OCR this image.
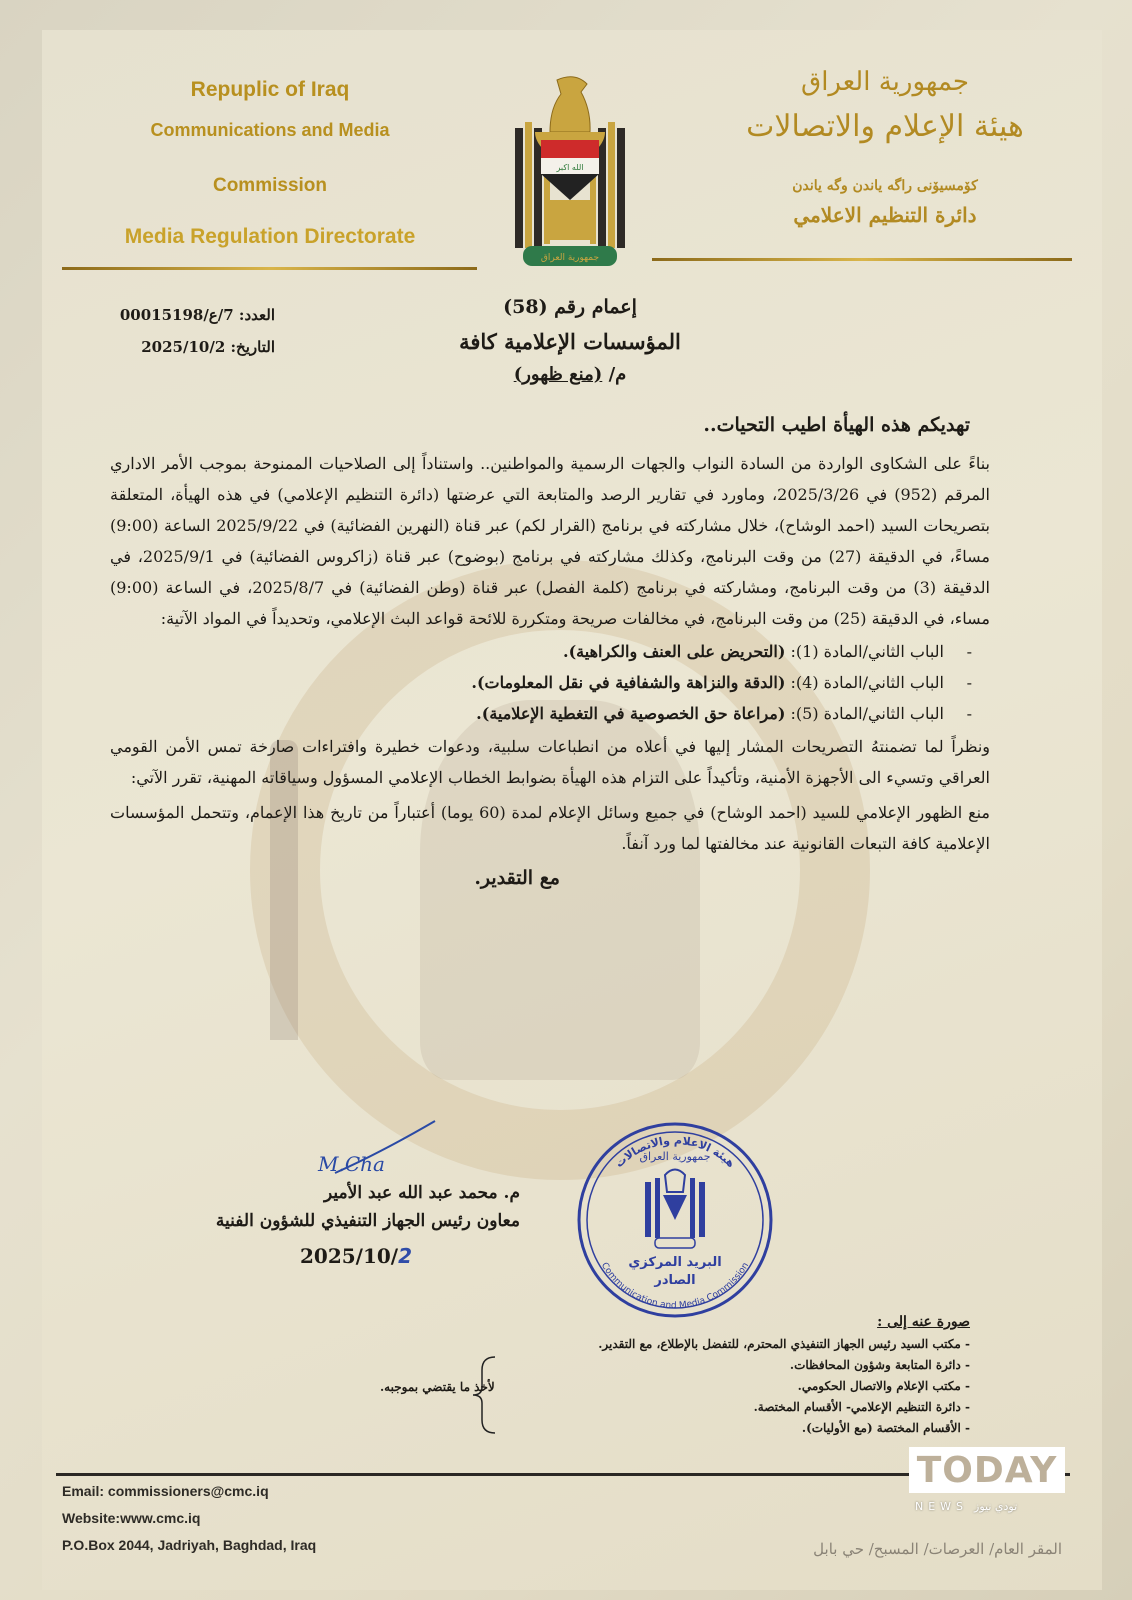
Repuplic of Iraq
Communications and Media
Commission
Media Regulation Directorate
جمهورية العراق
هيئة الإعلام والاتصالات
كۆمسیۆنی راگه یاندن وگه یاندن
دائرة التنظيم الاعلامي
الله اكبر
جمهورية العراق
العدد: 7/ع/00015198
التاريخ: 2025/10/2
إعمام رقم (58)
المؤسسات الإعلامية كافة
م/ (منع ظهور)
تهديكم هذه الهيأة اطيب التحيات..

بناءً على الشكاوى الواردة من السادة النواب والجهات الرسمية والمواطنين.. واستناداً إلى الصلاحيات الممنوحة بموجب الأمر الاداري المرقم (952) في 2025/3/26، وماورد في تقارير الرصد والمتابعة التي عرضتها (دائرة التنظيم الإعلامي) في هذه الهيأة، المتعلقة بتصريحات السيد (احمد الوشاح)، خلال مشاركته في برنامج (القرار لكم) عبر قناة (النهرين الفضائية) في 2025/9/22 الساعة (9:00) مساءً، في الدقيقة (27) من وقت البرنامج، وكذلك مشاركته في برنامج (بوضوح) عبر قناة (زاكروس الفضائية) في 2025/9/1، في الدقيقة (3) من وقت البرنامج، ومشاركته في برنامج (كلمة الفصل) عبر قناة (وطن الفضائية) في 2025/8/7، في الساعة (9:00) مساء، في الدقيقة (25) من وقت البرنامج، في مخالفات صريحة ومتكررة للائحة قواعد البث الإعلامي، وتحديداً في المواد الآتية:

-الباب الثاني/المادة (1): (التحريض على العنف والكراهية).
-الباب الثاني/المادة (4): (الدقة والنزاهة والشفافية في نقل المعلومات).
-الباب الثاني/المادة (5): (مراعاة حق الخصوصية في التغطية الإعلامية).

ونظراً لما تضمنتهُ التصريحات المشار إليها في أعلاه من انطباعات سلبية، ودعوات خطيرة وافتراءات صارخة تمس الأمن القومي العراقي وتسيء الى الأجهزة الأمنية، وتأكيداً على التزام هذه الهيأة بضوابط الخطاب الإعلامي المسؤول وسياقاته المهنية، تقرر الآتي:

منع الظهور الإعلامي للسيد (احمد الوشاح) في جميع وسائل الإعلام لمدة (60 يوما) أعتباراً من تاريخ هذا الإعمام، وتتحمل المؤسسات الإعلامية كافة التبعات القانونية عند مخالفتها لما ورد آنفاً.

مع التقدير.
M.Cha
م. محمد عبد الله عبد الأمير
معاون رئيس الجهاز التنفيذي للشؤون الفنية
2025/10/2
جمهورية العراق
هيئة الاعلام والاتصالات
Communication and Media Commission
البريد المركزي
الصادر
صورة عنه إلى :
- مكتب السيد رئيس الجهاز التنفيذي المحترم، للتفضل بالإطلاع، مع التقدير.
- دائرة المتابعة وشؤون المحافظات.
- مكتب الإعلام والاتصال الحكومي.
- دائرة التنظيم الإعلامي- الأقسام المختصة.
- الأقسام المختصة (مع الأوليات).
لأخذ ما يقتضي بموجبه.
Email: commissioners@cmc.iq
Website:www.cmc.iq
P.O.Box 2044, Jadriyah, Baghdad, Iraq	المقر العام/ العرصات/ المسبح/ حي بابل
TODAY
NEWS تودي نيوز
